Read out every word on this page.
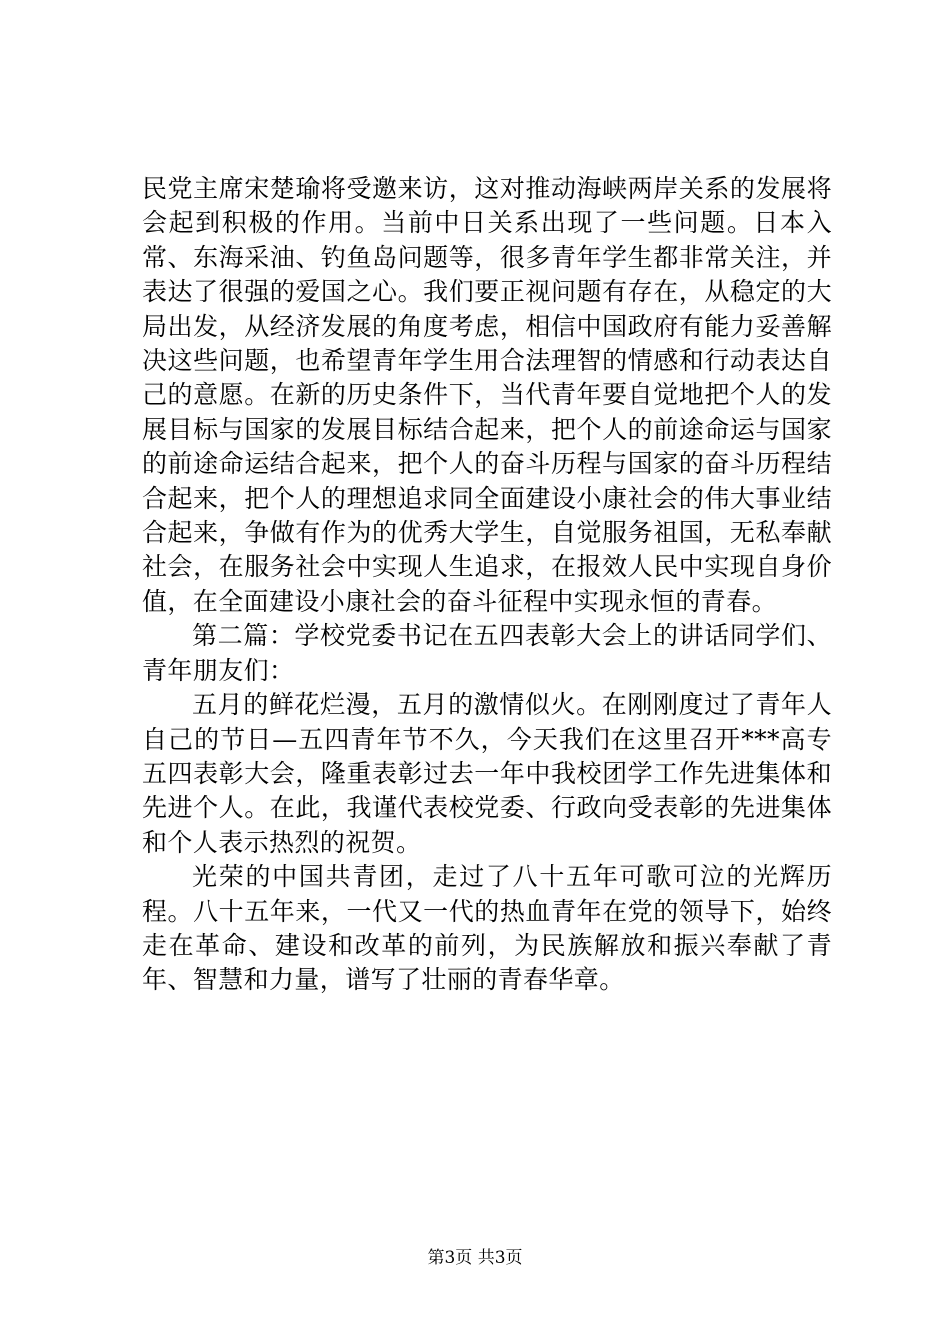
民党主席宋楚瑜将受邀来访，这对推动海峡两岸关系的发展将会起到积极的作用。当前中日关系出现了一些问题。日本入常、东海采油、钓鱼岛问题等，很多青年学生都非常关注，并表达了很强的爱国之心。我们要正视问题有存在，从稳定的大局出发，从经济发展的角度考虑，相信中国政府有能力妥善解决这些问题，也希望青年学生用合法理智的情感和行动表达自己的意愿。在新的历史条件下，当代青年要自觉地把个人的发展目标与国家的发展目标结合起来，把个人的前途命运与国家的前途命运结合起来，把个人的奋斗历程与国家的奋斗历程结合起来，把个人的理想追求同全面建设小康社会的伟大事业结合起来，争做有作为的优秀大学生，自觉服务祖国，无私奉献社会，在服务社会中实现人生追求，在报效人民中实现自身价值，在全面建设小康社会的奋斗征程中实现永恒的青春。

第二篇：学校党委书记在五四表彰大会上的讲话同学们、青年朋友们：

五月的鲜花烂漫，五月的激情似火。在刚刚度过了青年人自己的节日—五四青年节不久，今天我们在这里召开***高专五四表彰大会，隆重表彰过去一年中我校团学工作先进集体和先进个人。在此，我谨代表校党委、行政向受表彰的先进集体和个人表示热烈的祝贺。

光荣的中国共青团，走过了八十五年可歌可泣的光辉历程。八十五年来，一代又一代的热血青年在党的领导下，始终走在革命、建设和改革的前列，为民族解放和振兴奉献了青年、智慧和力量，谱写了壮丽的青春华章。

第3页 共3页
